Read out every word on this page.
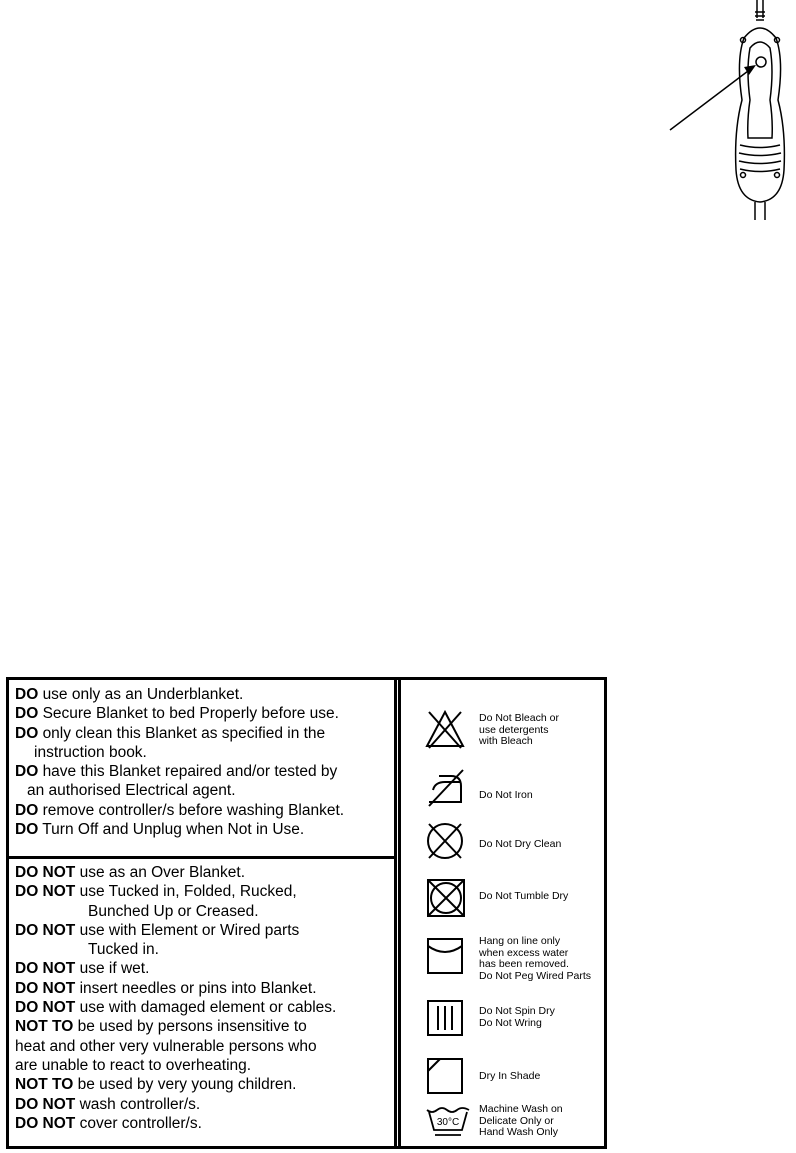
DO use only as an Underblanket.
DO Secure Blanket to bed Properly before use.
DO only clean this Blanket as specified in the
instruction book.
DO have this Blanket repaired and/or tested by
an authorised Electrical agent.
DO remove controller/s before washing Blanket.
DO Turn Off and Unplug when Not in Use.
DO NOT use as an Over Blanket.
DO NOT use Tucked in, Folded, Rucked,
Bunched Up or Creased.
DO NOT use with Element or Wired parts
Tucked in.
DO NOT use if wet.
DO NOT insert needles or pins into Blanket.
DO NOT use with damaged element or cables.
NOT TO be used by persons insensitive to
heat and other very vulnerable persons who
are unable to react to overheating.
NOT TO be used by very young children.
DO NOT wash controller/s.
DO NOT cover controller/s.
Do Not Bleach or
use detergents
with Bleach
Do Not Iron
Do Not Dry Clean
Do Not Tumble Dry
Hang on line only
when excess water
has been removed.
Do Not Peg Wired Parts
Do Not Spin Dry
Do Not Wring
Dry In Shade
30°C
Machine Wash on
Delicate Only or
Hand Wash Only
